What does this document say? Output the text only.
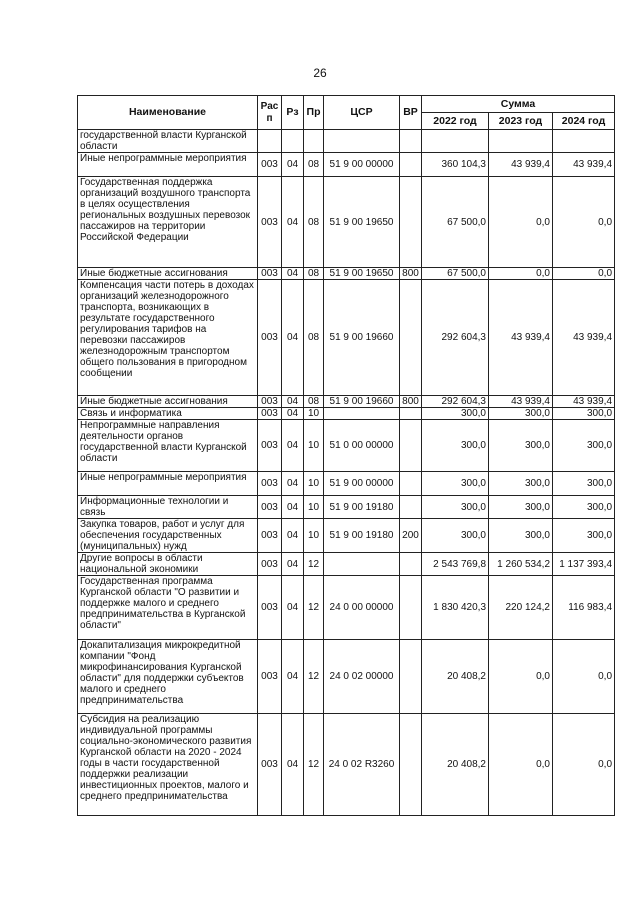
26
Наименование	Рас п	Рз	Пр	ЦСР	ВР	Сумма		
						2022 год	2023 год	2024 год
государственной власти Курганской области								
Иные непрограммные мероприятия	003	04	08	51 9 00 00000		360 104,3	43 939,4	43 939,4
Государственная поддержка организаций воздушного транспорта в целях осуществления региональных воздушных перевозок пассажиров на территории Российской Федерации	003	04	08	51 9 00 19650		67 500,0	0,0	0,0
Иные бюджетные ассигнования	003	04	08	51 9 00 19650	800	67 500,0	0,0	0,0
Компенсация части потерь в доходах организаций железнодорожного транспорта, возникающих в результате государственного регулирования тарифов на перевозки пассажиров железнодорожным транспортом общего пользования в пригородном сообщении	003	04	08	51 9 00 19660		292 604,3	43 939,4	43 939,4
Иные бюджетные ассигнования	003	04	08	51 9 00 19660	800	292 604,3	43 939,4	43 939,4
Связь и информатика	003	04	10			300,0	300,0	300,0
Непрограммные направления деятельности органов государственной власти Курганской области	003	04	10	51 0 00 00000		300,0	300,0	300,0
Иные непрограммные мероприятия	003	04	10	51 9 00 00000		300,0	300,0	300,0
Информационные технологии и связь	003	04	10	51 9 00 19180		300,0	300,0	300,0
Закупка товаров, работ и услуг для обеспечения государственных (муниципальных) нужд	003	04	10	51 9 00 19180	200	300,0	300,0	300,0
Другие вопросы в области национальной экономики	003	04	12			2 543 769,8	1 260 534,2	1 137 393,4
Государственная программа Курганской области "О развитии и поддержке малого и среднего предпринимательства в Курганской области"	003	04	12	24 0 00 00000		1 830 420,3	220 124,2	116 983,4
Докапитализация микрокредитной компании "Фонд микрофинансирования Курганской области" для поддержки субъектов малого и среднего предпринимательства	003	04	12	24 0 02 00000		20 408,2	0,0	0,0
Субсидия на реализацию индивидуальной программы социально-экономического развития Курганской области на 2020 - 2024 годы в части государственной поддержки реализации инвестиционных проектов, малого и среднего предпринимательства	003	04	12	24 0 02 R3260		20 408,2	0,0	0,0
